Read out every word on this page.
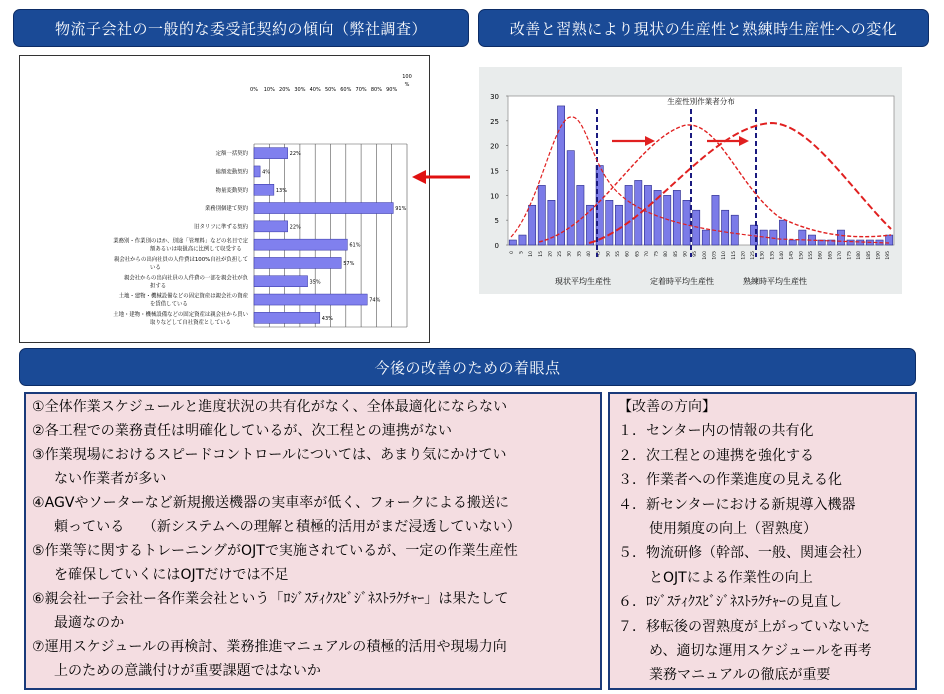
物流子会社の一般的な委受託契約の傾向（弊社調査）	改善と習熟により現状の生産性と熟練時生産性への変化
0% 10% 20% 30% 40% 50% 60% 70% 80% 90%
100
%
22%
定額一括契約
4%
総額変動契約
13%
物量変動契約
91%
業務別個建て契約
22%
旧タリフに準ずる契約
61%
業務別・作業別のほか、別途「管理料」などの名目で定
額あるいは取扱高に比例して収受する
57%
親会社からの出向社員の人件費は100%自社が負担して
いる
35%
親会社からの出向社員の人件費の一部を親会社が負
担する
74%
土地・建物・機械設備などの固定資産は親会社の資産
を賃借している
43%
土地・建物・機械設備などの固定資産は親会社から買い
取りなどして自社資産としている
0
5
10
15
20
25
30	生産性別作業者分布
0 5 10 15 20 25 30 35 40 45 50 55 60 65 70 75 80 85 90 95 100 105 110 115 120 125 130 135 140 145 150 155 160 165 170 175 180 185 190 195
現状平均生産性	定着時平均生産性	熟練時平均生産性
今後の改善のための着眼点
①全体作業スケジュールと進度状況の共有化がなく、全体最適化にならない
②各工程での業務責任は明確化しているが、次工程との連携がない
③作業現場におけるスピードコントロールについては、あまり気にかけてい
ない作業者が多い
④AGVやソーターなど新規搬送機器の実車率が低く、フォークによる搬送に
頼っている　 （新システムへの理解と積極的活用がまだ浸透していない）
⑤作業等に関するトレーニングがOJTで実施されているが、一定の作業生産性
を確保していくにはOJTだけでは不足
⑥親会社ー子会社ー各作業会社という「ﾛｼﾞｽﾃｨｸｽﾋﾞｼﾞﾈｽﾄﾗｸﾁｬｰ」は果たして
最適なのか
⑦運用スケジュールの再検討、業務推進マニュアルの積極的活用や現場力向
上のための意識付けが重要課題ではないか
【改善の方向】
１．センター内の情報の共有化
２．次工程との連携を強化する
３．作業者への作業進度の見える化
４．新センターにおける新規導入機器
使用頻度の向上（習熟度）
５．物流研修（幹部、一般、関連会社）
とOJTによる作業性の向上
６．ﾛｼﾞｽﾃｨｸｽﾋﾞｼﾞﾈｽﾄﾗｸﾁｬｰの見直し
７．移転後の習熟度が上がっていないた
め、適切な運用スケジュールを再考
業務マニュアルの徹底が重要
